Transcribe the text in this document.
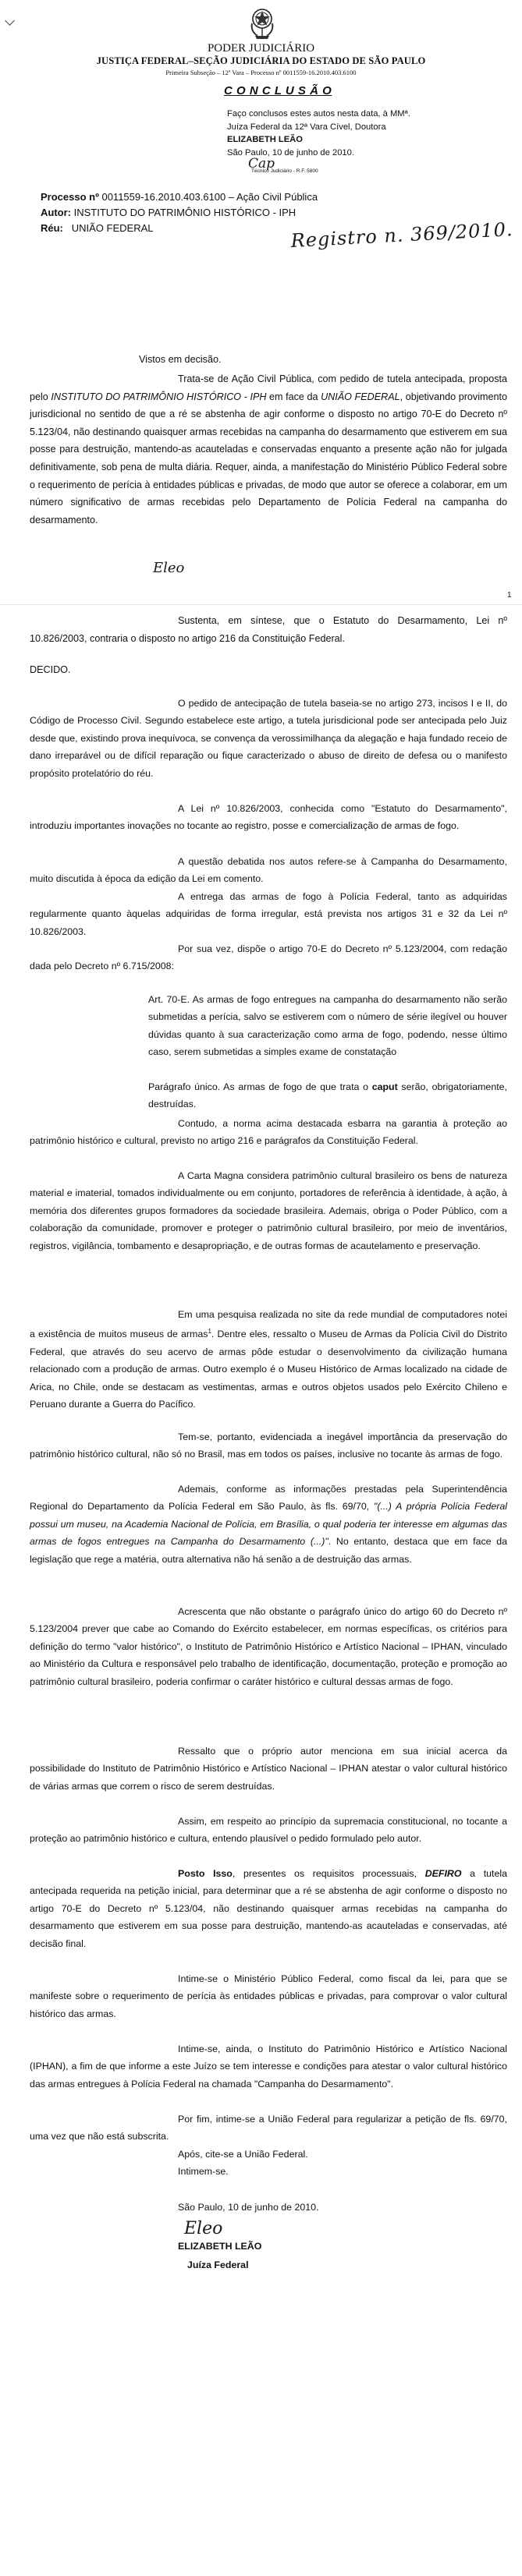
PODER JUDICIÁRIO
JUSTIÇA FEDERAL–SEÇÃO JUDICIÁRIA DO ESTADO DE SÃO PAULO
Primeira Subseção – 12ª Vara – Processo nº 0011559-16.2010.403.6100
C O N C L U S Ã O
Faço conclusos estes autos nesta data, à MMª.
Juíza Federal da 12ª Vara Cível, Doutora
ELIZABETH LEÃO
São Paulo, 10 de junho de 2010.
Cap
Técnico Judiciário - R.F. 5800
Processo nº 0011559-16.2010.403.6100 – Ação Civil Pública
Autor: INSTITUTO DO PATRIMÔNIO HISTÓRICO - IPH
Réu: UNIÃO FEDERAL	Registro n. 369/2010.
Vistos em decisão.
Trata-se de Ação Civil Pública, com pedido de tutela antecipada, proposta pelo INSTITUTO DO PATRIMÔNIO HISTÓRICO - IPH em face da UNIÃO FEDERAL, objetivando provimento jurisdicional no sentido de que a ré se abstenha de agir conforme o disposto no artigo 70-E do Decreto nº 5.123/04, não destinando quaisquer armas recebidas na campanha do desarmamento que estiverem em sua posse para destruição, mantendo-as acauteladas e conservadas enquanto a presente ação não for julgada definitivamente, sob pena de multa diária. Requer, ainda, a manifestação do Ministério Público Federal sobre o requerimento de perícia à entidades públicas e privadas, de modo que autor se oferece a colaborar, em um número significativo de armas recebidas pelo Departamento de Polícia Federal na campanha do desarmamento.
Eleo
1
Sustenta, em síntese, que o Estatuto do Desarmamento, Lei nº 10.826/2003, contraria o disposto no artigo 216 da Constituição Federal.
DECIDO.
O pedido de antecipação de tutela baseia-se no artigo 273, incisos I e II, do Código de Processo Civil. Segundo estabelece este artigo, a tutela jurisdicional pode ser antecipada pelo Juiz desde que, existindo prova inequívoca, se convença da verossimilhança da alegação e haja fundado receio de dano irreparável ou de difícil reparação ou fique caracterizado o abuso de direito de defesa ou o manifesto propósito protelatório do réu.
A Lei nº 10.826/2003, conhecida como "Estatuto do Desarmamento", introduziu importantes inovações no tocante ao registro, posse e comercialização de armas de fogo.
A questão debatida nos autos refere-se à Campanha do Desarmamento, muito discutida à época da edição da Lei em comento.
A entrega das armas de fogo à Polícia Federal, tanto as adquiridas regularmente quanto àquelas adquiridas de forma irregular, está prevista nos artigos 31 e 32 da Lei nº 10.826/2003.
Por sua vez, dispõe o artigo 70-E do Decreto nº 5.123/2004, com redação dada pelo Decreto nº 6.715/2008:
Art. 70-E. As armas de fogo entregues na campanha do desarmamento não serão submetidas a perícia, salvo se estiverem com o número de série ilegível ou houver dúvidas quanto à sua caracterização como arma de fogo, podendo, nesse último caso, serem submetidas a simples exame de constatação
Parágrafo único. As armas de fogo de que trata o caput serão, obrigatoriamente, destruídas.
Contudo, a norma acima destacada esbarra na garantia à proteção ao patrimônio histórico e cultural, previsto no artigo 216 e parágrafos da Constituição Federal.
A Carta Magna considera patrimônio cultural brasileiro os bens de natureza material e imaterial, tomados individualmente ou em conjunto, portadores de referência à identidade, à ação, à memória dos diferentes grupos formadores da sociedade brasileira. Ademais, obriga o Poder Público, com a colaboração da comunidade, promover e proteger o patrimônio cultural brasileiro, por meio de inventários, registros, vigilância, tombamento e desapropriação, e de outras formas de acautelamento e preservação.
Em uma pesquisa realizada no site da rede mundial de computadores notei a existência de muitos museus de armas$^1$. Dentre eles, ressalto o Museu de Armas da Polícia Civil do Distrito Federal, que através do seu acervo de armas pôde estudar o desenvolvimento da civilização humana relacionado com a produção de armas. Outro exemplo é o Museu Histórico de Armas localizado na cidade de Arica, no Chile, onde se destacam as vestimentas, armas e outros objetos usados pelo Exército Chileno e Peruano durante a Guerra do Pacífico.
Tem-se, portanto, evidenciada a inegável importância da preservação do patrimônio histórico cultural, não só no Brasil, mas em todos os países, inclusive no tocante às armas de fogo.
Ademais, conforme as informações prestadas pela Superintendência Regional do Departamento da Polícia Federal em São Paulo, às fls. 69/70, "(...) A própria Polícia Federal possui um museu, na Academia Nacional de Polícia, em Brasília, o qual poderia ter interesse em algumas das armas de fogos entregues na Campanha do Desarmamento (...)". No entanto, destaca que em face da legislação que rege a matéria, outra alternativa não há senão a de destruição das armas.
Acrescenta que não obstante o parágrafo único do artigo 60 do Decreto nº 5.123/2004 prever que cabe ao Comando do Exército estabelecer, em normas específicas, os critérios para definição do termo "valor histórico", o Instituto de Patrimônio Histórico e Artístico Nacional – IPHAN, vinculado ao Ministério da Cultura e responsável pelo trabalho de identificação, documentação, proteção e promoção ao patrimônio cultural brasileiro, poderia confirmar o caráter histórico e cultural dessas armas de fogo.
Ressalto que o próprio autor menciona em sua inicial acerca da possibilidade do Instituto de Patrimônio Histórico e Artístico Nacional – IPHAN atestar o valor cultural histórico de várias armas que correm o risco de serem destruídas.
Assim, em respeito ao princípio da supremacia constitucional, no tocante a proteção ao patrimônio histórico e cultura, entendo plausível o pedido formulado pelo autor.
Posto Isso, presentes os requisitos processuais, DEFIRO a tutela antecipada requerida na petição inicial, para determinar que a ré se abstenha de agir conforme o disposto no artigo 70-E do Decreto nº 5.123/04, não destinando quaisquer armas recebidas na campanha do desarmamento que estiverem em sua posse para destruição, mantendo-as acauteladas e conservadas, até decisão final.
Intime-se o Ministério Público Federal, como fiscal da lei, para que se manifeste sobre o requerimento de perícia às entidades públicas e privadas, para comprovar o valor cultural histórico das armas.
Intime-se, ainda, o Instituto do Patrimônio Histórico e Artístico Nacional (IPHAN), a fim de que informe a este Juízo se tem interesse e condições para atestar o valor cultural histórico das armas entregues à Polícia Federal na chamada "Campanha do Desarmamento".
Por fim, intime-se a União Federal para regularizar a petição de fls. 69/70, uma vez que não está subscrita.
Após, cite-se a União Federal.
Intimem-se.
São Paulo, 10 de junho de 2010.
Eleo
ELIZABETH LEÃO
Juíza Federal
